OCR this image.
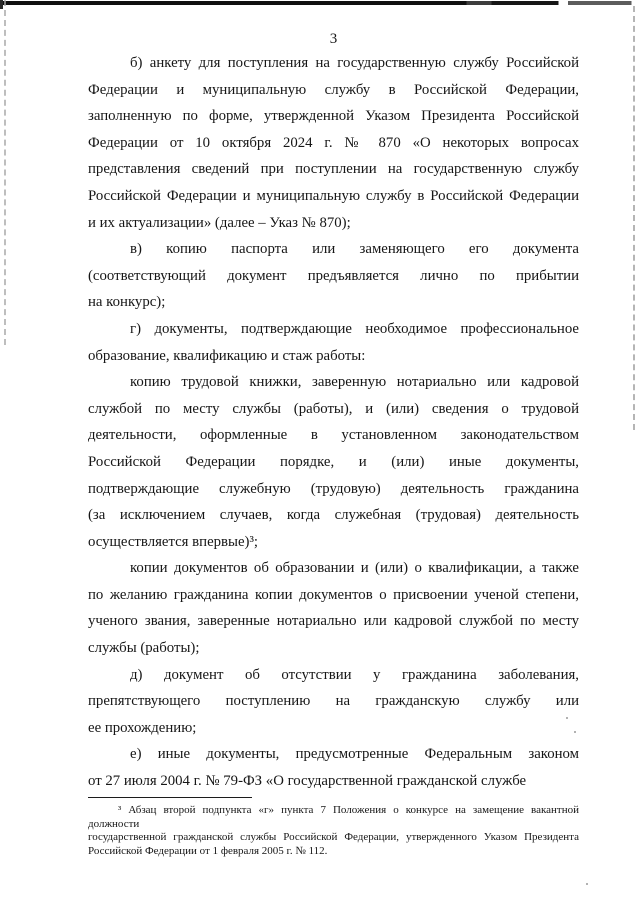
3
б) анкету для поступления на государственную службу Российской
Федерации и муниципальную службу в Российской Федерации,
заполненную по форме, утвержденной Указом Президента Российской
Федерации от 10 октября 2024 г. № 870 «О некоторых вопросах
представления сведений при поступлении на государственную службу
Российской Федерации и муниципальную службу в Российской Федерации
и их актуализации» (далее – Указ № 870);
в) копию паспорта или заменяющего его документа
(соответствующий документ предъявляется лично по прибытии
на конкурс);
г) документы, подтверждающие необходимое профессиональное
образование, квалификацию и стаж работы:
копию трудовой книжки, заверенную нотариально или кадровой
службой по месту службы (работы), и (или) сведения о трудовой
деятельности, оформленные в установленном законодательством
Российской Федерации порядке, и (или) иные документы,
подтверждающие служебную (трудовую) деятельность гражданина
(за исключением случаев, когда служебная (трудовая) деятельность
осуществляется впервые)³;
копии документов об образовании и (или) о квалификации, а также
по желанию гражданина копии документов о присвоении ученой степени,
ученого звания, заверенные нотариально или кадровой службой по месту
службы (работы);
д) документ об отсутствии у гражданина заболевания,
препятствующего поступлению на гражданскую службу или
ее прохождению;
е) иные документы, предусмотренные Федеральным законом
от 27 июля 2004 г. № 79-ФЗ «О государственной гражданской службе
³ Абзац второй подпункта «г» пункта 7 Положения о конкурсе на замещение вакантной должности
государственной гражданской службы Российской Федерации, утвержденного Указом Президента
Российской Федерации от 1 февраля 2005 г. № 112.
